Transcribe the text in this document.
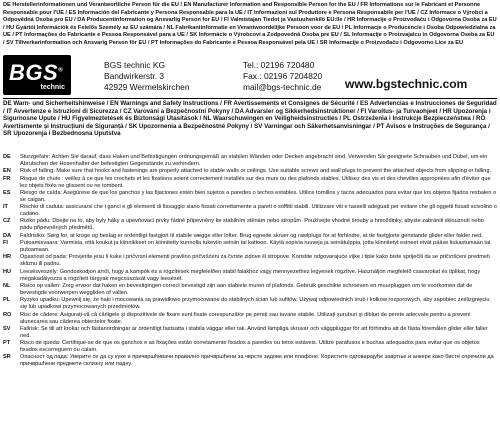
DE Herstellerinformationen und Verantwortliche Person für die EU / EN Manufacturer Information and Responsible Person for the EU / FR Informations sur le Fabricant et Personne Responsable pour l'UE / ES Información del Fabricante y Persona Responsable para la UE / IT Informazioni sul Produttore e Persona Responsabile per l'UE / CZ Informace o Výrobci a Odpovědná Osoba pro EU / DA Producentinformation og Ansvarlig Person for EU / FI Valmistajan Tiedot ja Vastuuhenkilö EU:lle / HR Informacije o Proizvođaču i Odgovorna Osoba za EU / HU Gyártói Információk és Felelős Személy az EU számára / NL Fabrikantinformatie en Verantwoordelijke Persoon voor de EU / PL Informacje o Producencie i Osoba Odpowiedzialna za UE / PT Informações do Fabricante e Pessoa Responsável para a UE / SK Informácie o Výrobcovi a Zodpovedná Osoba pre EU / SL Informacije o Proizvajalcu in Odgovorna Oseba za EU / SV Tillverkarinformation och Ansvarig Person för EU / PT Informações do Fabricante e Pessoa Responsável pela UE / SR Informacije o Proizvođaču i Odgovorno Lice za EU
BGS®
technic
BGS technic KG
Bandwirkerstr. 3
42929 Wermelskirchen
Tel.: 02196 720480
Fax.: 02196 7204820
mail@bgs-technic.de www.bgstechnic.com
DE Warn- und Sicherheitshinweise / EN Warnings and Safety Instructions / FR Avertissements et Consignes de Sécurité / ES Advertencias e Instrucciones de Seguridad / IT Avvertenze e Istruzioni di Sicurezza / CZ Varování a Bezpečnostní Pokyny / DA Advarsler og Sikkerhedsinstruktioner / FI Varoitus- ja Turvaohjeet / HR Upozorenja i Sigurnosne Upute / HU Figyelmeztetések és Biztonsági Utasítások / NL Waarschuwingen en Veiligheidsinstructies / PL Ostrzeżenia i Instrukcje Bezpieczeństwa / RO Avertismente și Instrucțiuni de Siguranță / SK Upozornenia a Bezpečnostné Pokyny / SV Varningar och Säkerhetsanvisningar / PT Avisos e Instruções de Segurança / SR Upozorenja i Bezbednosna Uputstva
DE	Sturzgefahr: Achten Sie darauf, dass Haken und Befestigungen ordnungsgemäß an stabilen Wänden oder Decken angebracht sind. Verwenden Sie geeignete Schrauben und Dübel, um ein Abrutschen der Hosenhalter der befestigten Gegenstände zu verhindern.
EN	Risk of falling: Make sure that hooks and fastenings are properly attached to stable walls or ceilings. Use suitable screws and wall plugs to prevent the attached objects from slipping or falling.
FR	Risque de chute : veillez à ce que les crochets et les fixations soient correctement installés sur des murs ou des plafonds stables. Utilisez des vis et des chevilles appropriées afin d'éviter que les objets fixés ne glissent ou ne tombent.
ES	Riesgo de caída: Asegúrese de que los ganchos y las fijaciones estén bien sujetos a paredes o techos estables. Utilice tornillos y tacos adecuados para evitar que los objetos fijados resbalen o se caigan.
IT	Rischio di caduta: assicurarsi che i ganci e gli elementi di fissaggio siano fissati correttamente a pareti o soffitti stabili. Utilizzare viti e tasselli adeguati per evitare che gli oggetti fissati scivolino o cadano.
CZ	Riziko pádu: Dbejte na to, aby byly háky a upevňovací prvky řádně připevněny ke stabilním stěnám nebo stropům. Používejte vhodné šrouby a hmoždinky, abyste zabránili sklouznutí nebo pádu připevněných předmětů.
DA	Faldrisiko: Sørg for, at kroge og beslag er ordentligt fastgjort til stabile vægge eller lofter. Brug egnede skruer og rawlplugs for at forhindre, at de fastgjorte genstande glider eller falder ned.
FI	Putoamisvaara: Varmista, että koukut ja kiinnikkeet on kiinnitetty kunnolla tukeviin seiniin tai kattoon. Käytä sopivia ruuveja ja seinätulppia, jotta kiinnitetyt esineet eivät pääse liukastumaan tai putoamaan.
HR	Opasnost od pada: Provjerite jesu li kuke i pričvrsni elementi pravilno pričvršćeni za čvrste zidove ili stropove. Koristite odgovarajuće vijke i tiple kako biste spriječili da se pričvršćeni predmeti skliznu ili padnu.
HU	Leesésveszély: Gondoskodjon arról, hogy a kampók és a rögzítések megfelelően stabil falakhoz vagy mennyezethez legyenek rögzítve. Használjon megfelelő csavarokat és tiplikat, hogy megakadályozza a rögzített tárgyak megcsúszását vagy leesését.
NL	Risico op vallen: Zorg ervoor dat haken en bevestigingen correct bevestigd zijn aan stabiele muren of plafonds. Gebruik geschikte schroeven en muurpluggen om te voorkomen dat de bevestigde voorwerpen weggliden of vallen.
PL	Ryzyko upadku: Upewnij się, że haki i mocowania są prawidłowo przymocowane do stabilnych ścian lub sufitów. Używaj odpowiednich śrub i kołków rozporowych, aby zapobiec ześlizgnięciu się lub upadkowi przymocowanych przedmiotów.
RO	Risc de cădere: Asigurați-vă că cârligele și dispozitivele de fixare sunt fixate corespunzător pe pereți sau tavane stabile. Utilizați șuruburi și dibluri de perete adecvate pentru a preveni alunecarea sau căderea obiectelor fixate.
SV	Fallrisk: Se till att krokar och fästanordningar är ordentligt fastsatta i stabila väggar eller tak. Använd lämpliga skruvar och väggpluggar för att förhindra att de fästa föremålen glider eller faller ned.
PT	Risco de queda: Certifique-se de que os ganchos e as fixações estão corretamente fixados a paredes ou tetos estáveis. Utilize parafusos e buchas adequados para evitar que os objetos fixados escorreguem ou caiam.
SR	Опасност од пада: Уверите се да су куке и причвршћивачи правилно причвршћени за чврсте зидове или плафоне. Користите одговарајуће завртње и анкере како бисте спречили да причвршћени предмети склизну или падну.
